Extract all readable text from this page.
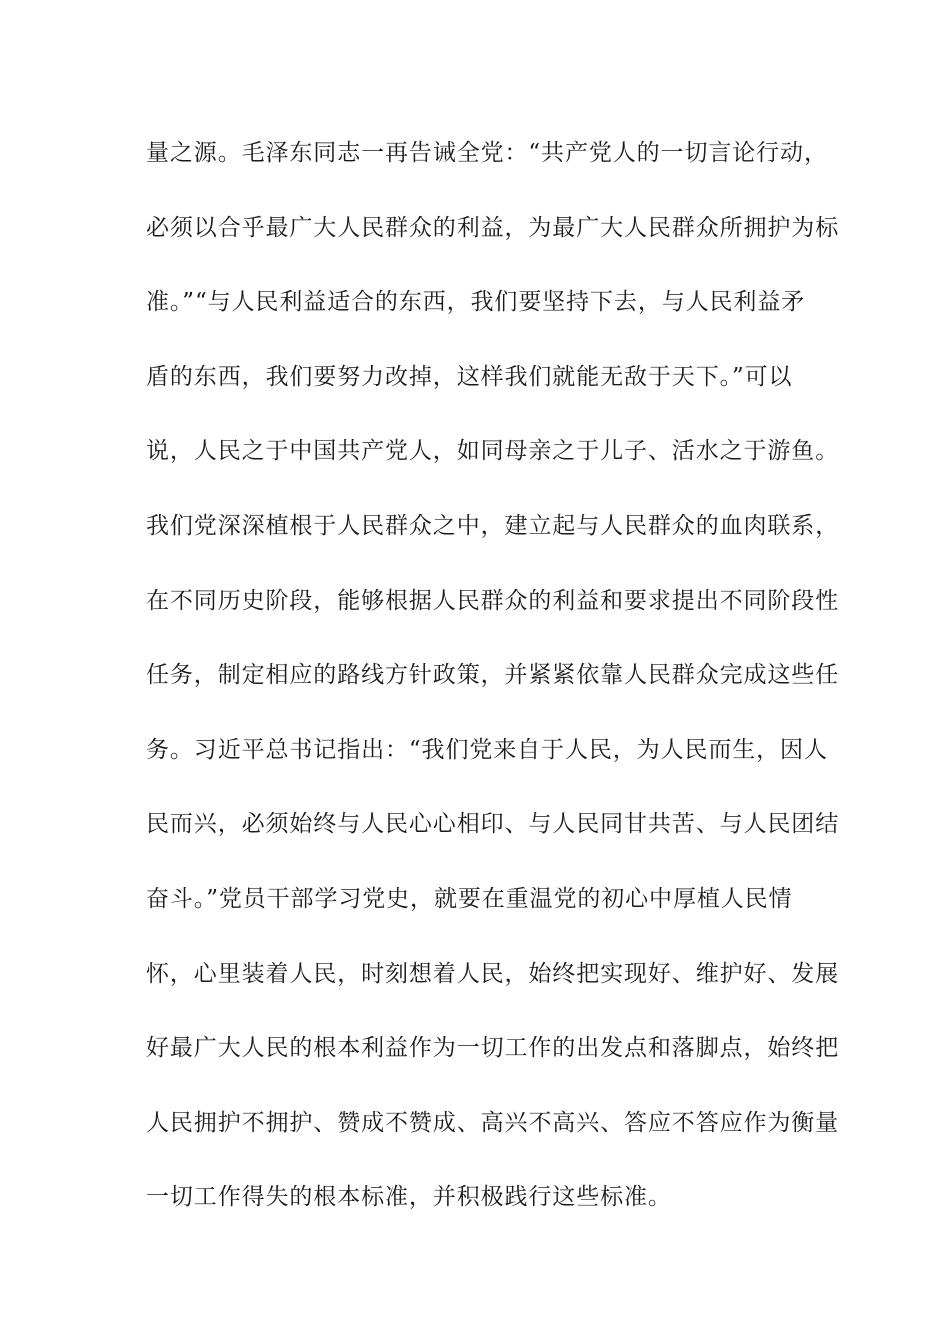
量之源。毛泽东同志一再告诫全党：“共产党人的一切言论行动，
必须以合乎最广大人民群众的利益，为最广大人民群众所拥护为标
准。”“与人民利益适合的东西，我们要坚持下去，与人民利益矛
盾的东西，我们要努力改掉，这样我们就能无敌于天下。”可以
说，人民之于中国共产党人，如同母亲之于儿子、活水之于游鱼。
我们党深深植根于人民群众之中，建立起与人民群众的血肉联系，
在不同历史阶段，能够根据人民群众的利益和要求提出不同阶段性
任务，制定相应的路线方针政策，并紧紧依靠人民群众完成这些任
务。习近平总书记指出：“我们党来自于人民，为人民而生，因人
民而兴，必须始终与人民心心相印、与人民同甘共苦、与人民团结
奋斗。”党员干部学习党史，就要在重温党的初心中厚植人民情
怀，心里装着人民，时刻想着人民，始终把实现好、维护好、发展
好最广大人民的根本利益作为一切工作的出发点和落脚点，始终把
人民拥护不拥护、赞成不赞成、高兴不高兴、答应不答应作为衡量
一切工作得失的根本标准，并积极践行这些标准。
